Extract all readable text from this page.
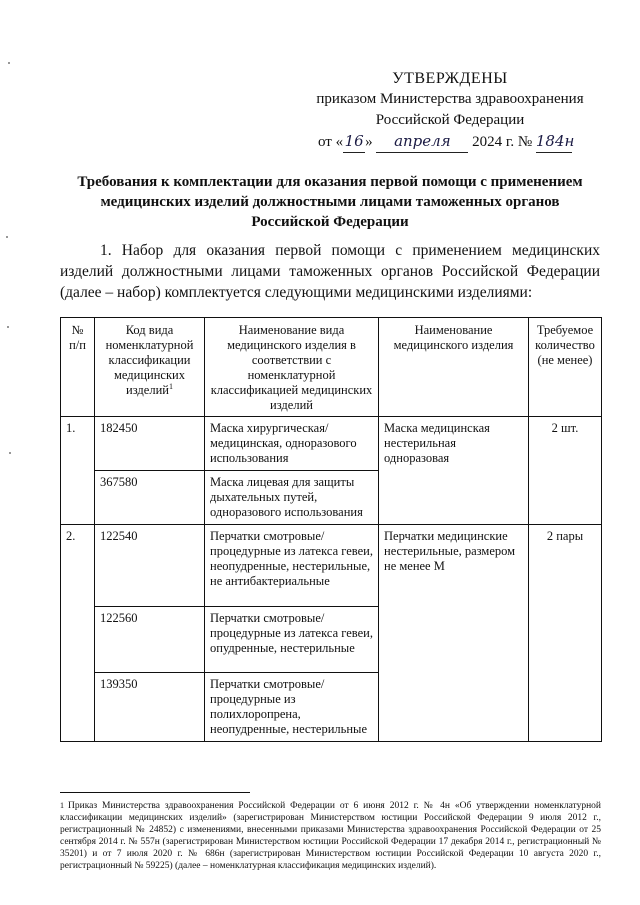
УТВЕРЖДЕНЫ
приказом Министерства здравоохранения
Российской Федерации
от «16» апреля 2024 г. № 184н
Требования к комплектации для оказания первой помощи с применением медицинских изделий должностными лицами таможенных органов Российской Федерации
1. Набор для оказания первой помощи с применением медицинских изделий должностными лицами таможенных органов Российской Федерации (далее – набор) комплектуется следующими медицинскими изделиями:
№ п/п	Код вида номенклатурной классификации медицинских изделий$^1$	Наименование вида медицинского изделия в соответствии с номенклатурной классификацией медицинских изделий	Наименование медицинского изделия	Требуемое количество (не менее)
1.	182450	Маска хирургическая/ медицинская, одноразового использования	Маска медицинская нестерильная одноразовая	2 шт.
	367580	Маска лицевая для защиты дыхательных путей, одноразового использования		
2.	122540	Перчатки смотровые/ процедурные из латекса гевеи, неопудренные, нестерильные, не антибактериальные	Перчатки медицинские нестерильные, размером не менее М	2 пары
	122560	Перчатки смотровые/ процедурные из латекса гевеи, опудренные, нестерильные		
	139350	Перчатки смотровые/ процедурные из полихлоропрена, неопудренные, нестерильные		
$^1$ Приказ Министерства здравоохранения Российской Федерации от 6 июня 2012 г. № 4н «Об утверждении номенклатурной классификации медицинских изделий» (зарегистрирован Министерством юстиции Российской Федерации 9 июля 2012 г., регистрационный № 24852) с изменениями, внесенными приказами Министерства здравоохранения Российской Федерации от 25 сентября 2014 г. № 557н (зарегистрирован Министерством юстиции Российской Федерации 17 декабря 2014 г., регистрационный № 35201) и от 7 июля 2020 г. № 686н (зарегистрирован Министерством юстиции Российской Федерации 10 августа 2020 г., регистрационный № 59225) (далее – номенклатурная классификация медицинских изделий).
